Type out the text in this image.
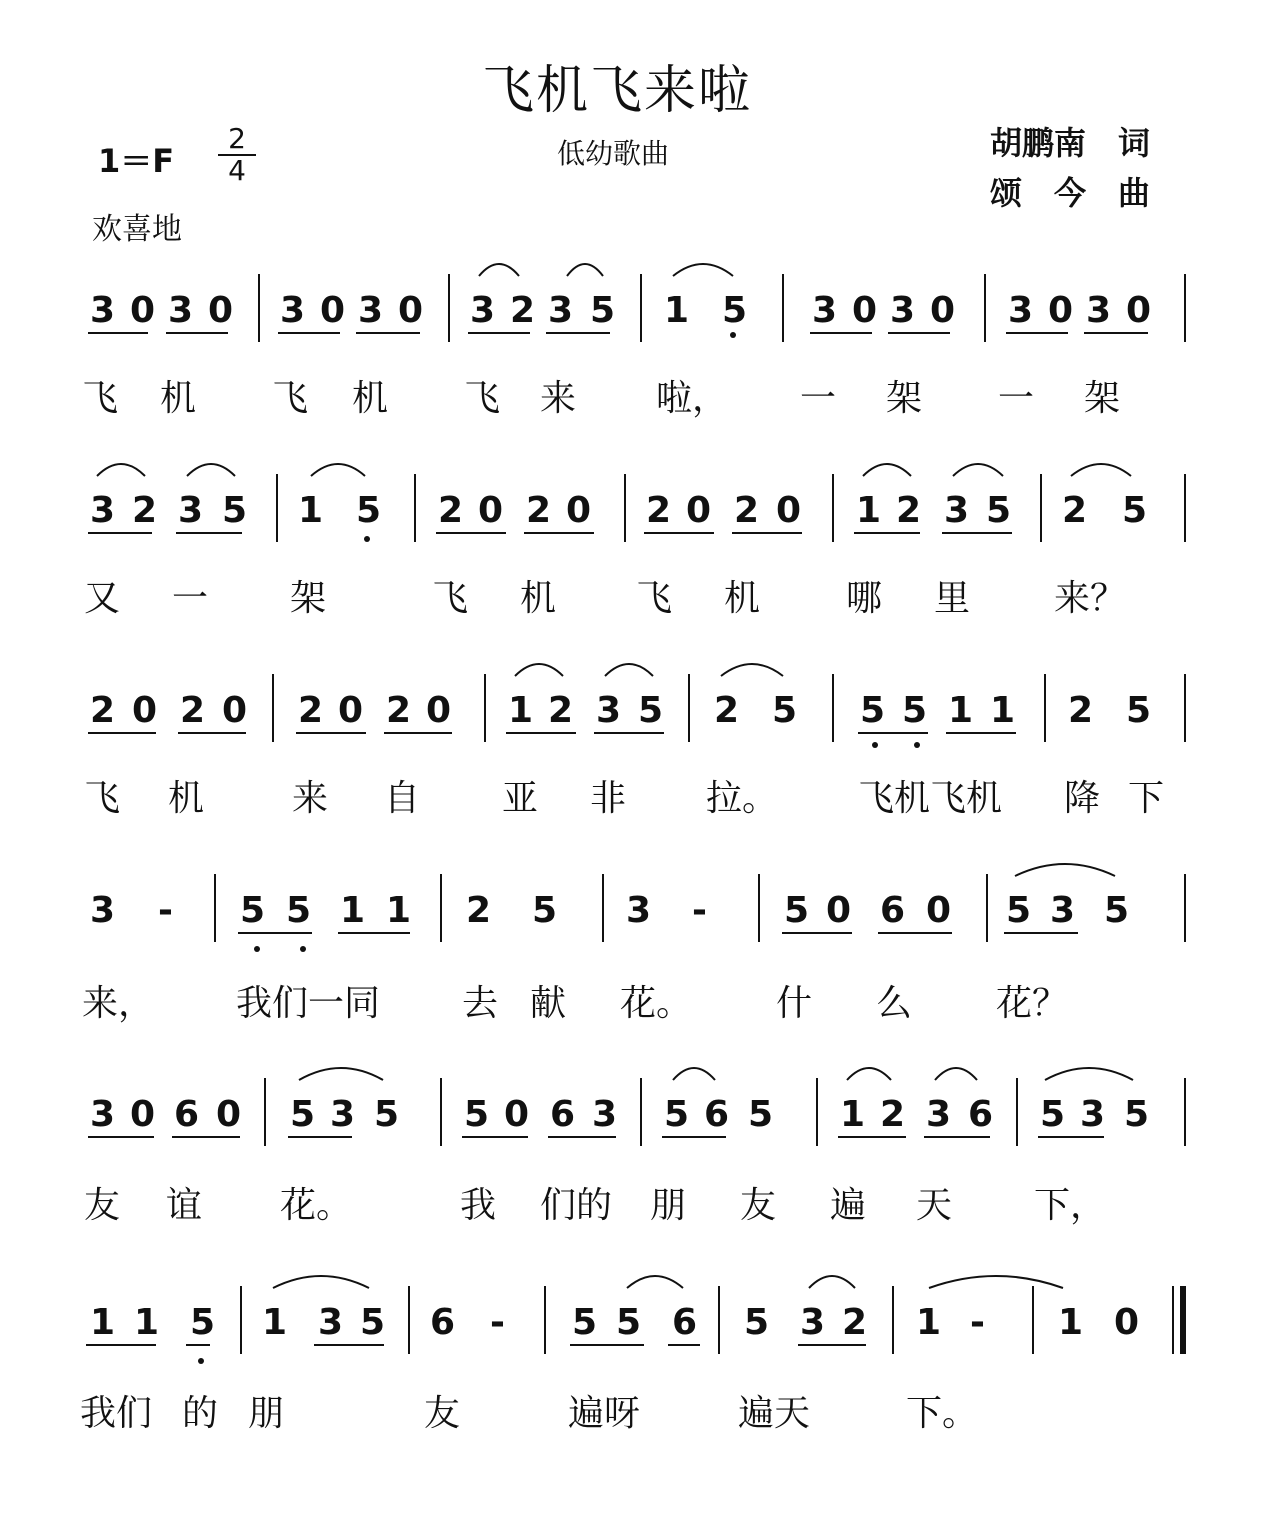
飞机飞来啦
低幼歌曲	胡鹏南　词
颂　今　曲
1＝F
2
4
欢喜地
3 0 3 0 3 0 3 0 3 2 3 5 1 5 3 0 3 0 3 0 3 0
飞 机 飞 机 飞 来 啦， 一 架 一 架
3 2 3 5 1 5 2 0 2 0 2 0 2 0 1 2 3 5 2 5
又 一 架	飞 机 飞 机 哪 里 来？
2 0 2 0 2 0 2 0 1 2 3 5 2 5 5 5 1 1 2 5
飞 机 来 自 亚 非 拉。 飞机飞机 降 下
3 - 5 5 1 1 2 5 3 - 5 0 6 0 5 3 5
来， 我们一同 去 献 花。 什 么 花？
3 0 6 0 5 3 5 5 0 6 3 5 6 5 1 2 3 6 5 3 5
友 谊 花。	我 们的 朋 友 遍 天 下，
1 1 5 1 3 5 6 - 5 5 6 5 3 2 1 - 1 0
我们 的 朋	友	遍呀	遍天	下。
